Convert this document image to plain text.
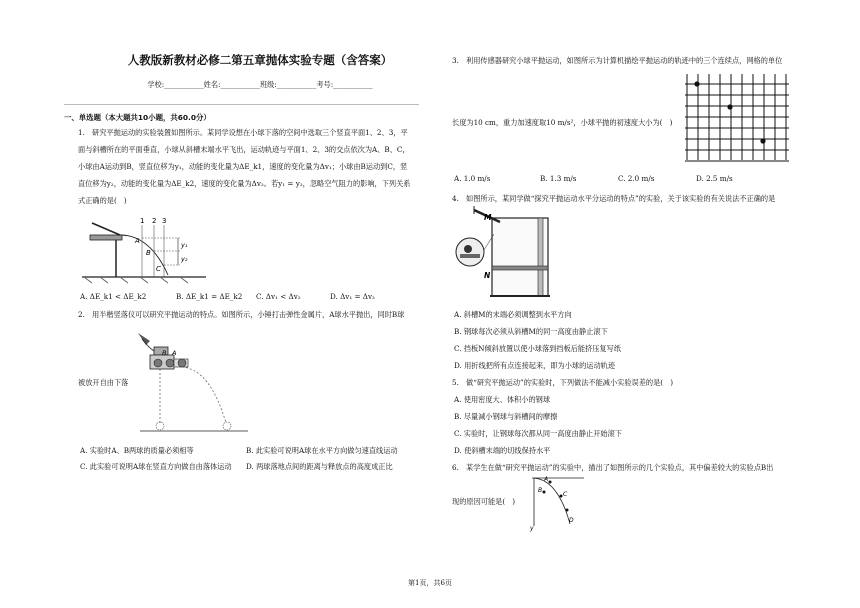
人教版新教材必修二第五章抛体实验专题（含答案）
学校:___________姓名:___________班级:___________考号:___________
一、单选题（本大题共10小题，共60.0分）
1.　研究平抛运动的实验装置如图所示。某同学设想在小球下落的空间中选取三个竖直平面1、2、3，平
面与斜槽所在的平面垂直，小球从斜槽末端水平飞出，运动轨迹与平面1、2、3的交点依次为A、B、C，
小球由A运动到B，竖直位移为y₁，动能的变化量为ΔE_k1，速度的变化量为Δv₁；小球由B运动到C，竖
直位移为y₂，动能的变化量为ΔE_k2，速度的变化量为Δv₂。若y₁ = y₂，忽略空气阻力的影响，下列关系
式正确的是(　)
1 2 3
A
B
C
y₁
y₂
A. ΔE_k1 < ΔE_k2	B. ΔE_k1 = ΔE_k2 C. Δv₁ < Δv₂	D. Δv₁ = Δv₂
2.　用半楷竖落仪可以研究平抛运动的特点。如图所示，小锤打击弹性金属片，A球水平抛出，同时B球
B A
被放开自由下落
A. 实验时A、B两球的质量必须相等	B. 此实验可说明A球在水平方向做匀速直线运动
C. 此实验可说明A球在竖直方向做自由落体运动 D. 两球落地点间的距离与释放点的高度成正比
3.　利用传感器研究小球平抛运动，如图所示为计算机描绘平抛运动的轨迹中的三个连续点，网格的单位
长度为10 cm，重力加速度取10 m/s²，小球平抛的初速度大小为(　)
A. 1.0 m/s	B. 1.3 m/s	C. 2.0 m/s	D. 2.5 m/s
4.　如图所示，某同学做“探究平抛运动水平分运动的特点”的实验，关于该实验的有关说法不正确的是
M
N
A. 斜槽M的末端必须调整到水平方向
B. 钢球每次必须从斜槽M的同一高度由静止滚下
C. 挡板N倾斜放置以使小球落到挡板后能挤压复写纸
D. 用折线把所有点连接起来，即为小球的运动轨迹
5.　做“研究平抛运动”的实验时，下列做法不能减小实验误差的是(　)
A. 使用密度大、体积小的钢球
B. 尽量减小钢球与斜槽间的摩擦
C. 实验时，让钢球每次都从同一高度由静止开始滚下
D. 使斜槽末端的切线保持水平
6.　某学生在做“研究平抛运动”的实验中，描出了如图所示的几个实验点，其中偏差较大的实验点B出
现的原因可能是(　)
A
B
C
D
y
第1页，共6页
